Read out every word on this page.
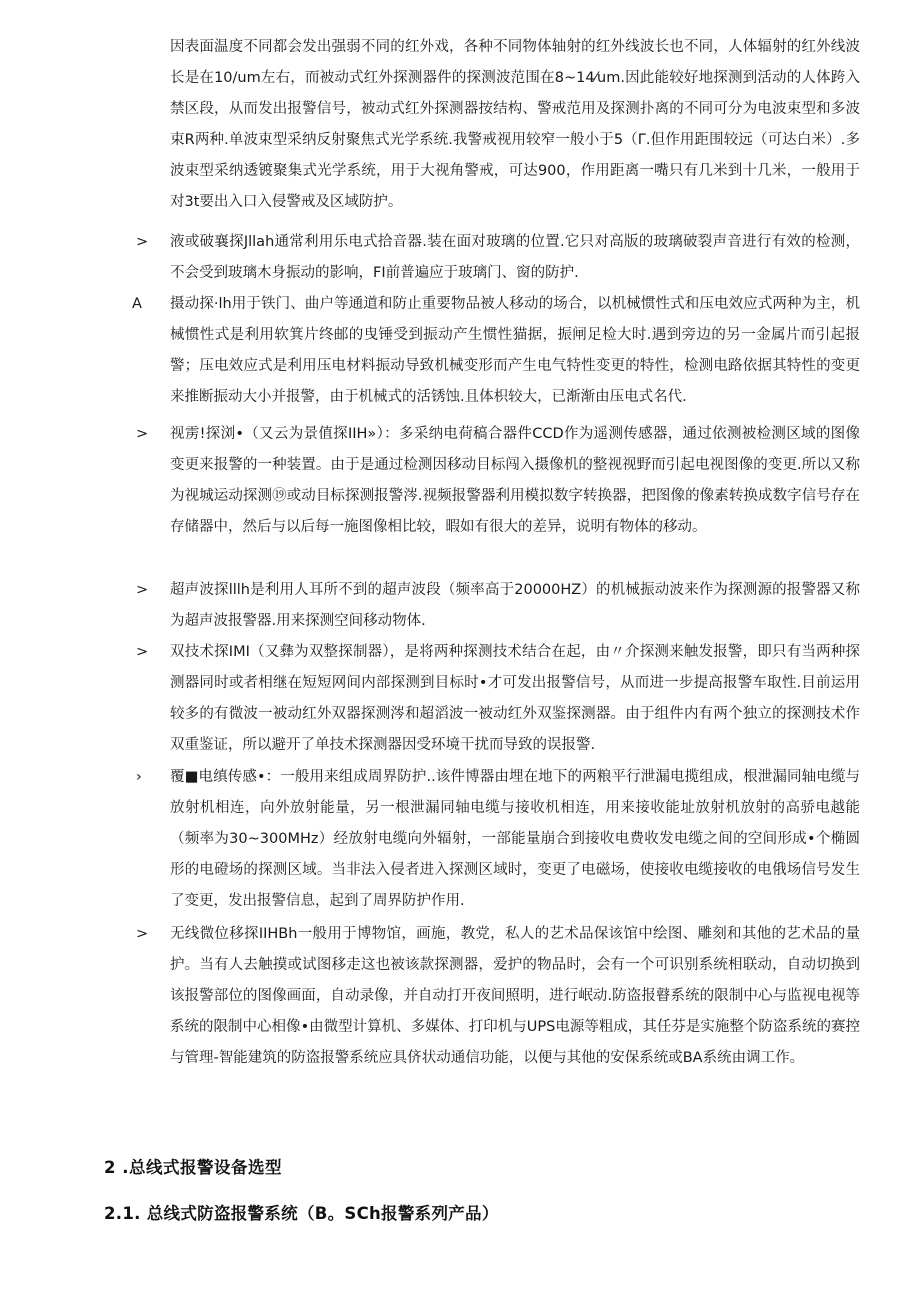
因表面温度不同都会发出强弱不同的红外戏，各种不同物体轴射的红外线波长也不同，人体辐射的红外线波长是在10/um左右，而被动式红外探测器件的探测波范围在8~14⁄um.因此能较好地探测到活动的人体跨入禁区段，从而发出报警信号，被动式红外探测器按结构、警戒范用及探测扑离的不同可分为电波束型和多波束R两种.单波束型采纳反射聚焦式光学系统.我警戒视用较窄一般小于5（Γ.但作用距围较远（可达白米）.多波束型采纳透镀聚集式光学系统，用于大视角警戒，可达900，作用距离一嘴只有几米到十几米，一般用于对3t要出入口入侵警戒及区域防护。
> 液或破襄探Jllah通常利用乐电式拾音器.装在面对玻璃的位置.它只对高版的玻璃破裂声音进行有效的检测，不会受到玻璃木身振动的影响，FI前普遍应于玻璃门、窗的防护.
A 摄动探·lh用于铁门、曲户等通道和防止重要物品被人移动的场合，以机械惯性式和压电效应式两种为主，机械惯性式是利用软箕片终邮的曳锤受到振动产生惯性猫据，振闸足检大时.遇到旁边的另一金属片而引起报警；压电效应式是利用压电材料振动导致机械变形而产生电气特性变更的特性，检测电路依据其特性的变更来推断振动大小并报警，由于机械式的活锈蚀.且体枳较大，已渐渐由压电式名代.
> 视雳!探浏•（又云为景值探IIH»）：多采纳电荷稿合器件CCD作为遥测传感器，通过依测被检测区域的图像变更来报警的一种装置。由于是通过检测因移动目标闯入摄像机的整视视野而引起电视图像的变更.所以又称为视城运动探测⑲或动目标探测报警涔.视频报警器利用模拟数字转换器，把图像的像素转换成数字信号存在存储器中，然后与以后每一施图像相比较，暇如有很大的差异，说明有物体的移动。
> 超声波探lllh是利用人耳所不到的超声波段（频率高于20000HZ）的机械振动波来作为探测源的报警器又称为超声波报警器.用来探测空间移动物体.
> 双技术探IMI（又彝为双整探制器），是将两种探测技术结合在起，由〃介探测来触发报警，即只有当两种探测器同时或者相继在短短网间内部探测到目标时•才可发出报警信号，从而进一步提高报警车取性.目前运用较多的有微波一被动红外双器探测涔和超滔波一被动红外双鉴探测器。由于组件内有两个独立的探测技术作双重鉴证，所以避开了单技术探测器因受环境干扰而导致的误报警.
› 覆■电缜传感•：一般用来组成周界防护..该件博器由埋在地下的两粮平行泄漏电揽组成，根泄漏同轴电缆与放射机相连，向外放射能量，另一根泄漏同轴电缆与接收机相连，用来接收能址放射机放射的高骄电越能（频率为30~300MHz）经放射电缆向外辐射，一部能量崩合到接收电费收发电缆之间的空间形成•个椭圆形的电磴场的探测区域。当非法入侵者进入探测区域时，变更了电磁场，使接收电缆接收的电俄场信号发生了变更，发出报警信息，起到了周界防护作用.
> 无线微位移探IIHBh一般用于博物馆，画施，教党，私人的艺术品保该馆中绘图、雕刻和其他的艺术品的量护。当有人去触摸或试图移走这也被该款探测器，爱护的物品时，会有一个可识别系统相联动，自动切换到该报警部位的图像画面，自动录像，并自动打开夜间照明，进行岷动.防盗报瞽系统的限制中心与监视电视等系统的限制中心相像•由微型计算机、多媒体、打印机与UPS电源等粗成，其任芬是实施整个防盗系统的赛控与管理-智能建筑的防盗报警系统应具侪状动通信功能，以便与其他的安保系统或BA系统由调工作。
2 .总线式报警设备选型
2.1. 总线式防盗报警系统（B。SCh报警系列产品）
